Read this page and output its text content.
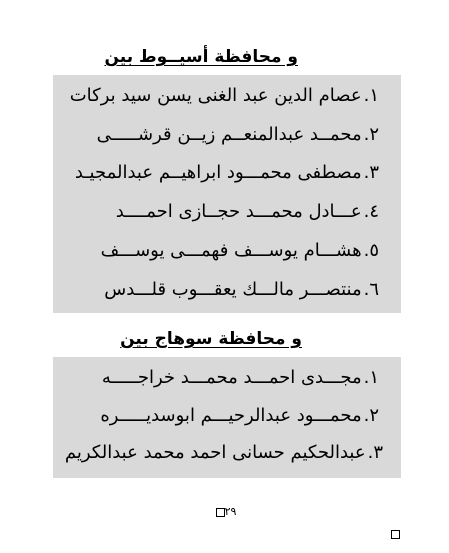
و محافظة أسيــوط بين
١.عصام الدين عبد الغنى يسن سيد بركات
٢.محمــد عبدالمنعــم زيــن قرشـــــى
٣.مصطفى محمـــود ابراهيــم عبدالمجيـد
٤.عـــادل محمـــد حجــازى احمــــد
٥.هشـــام يوســـف فهمـــى يوســـف
٦.منتصـــر مالـــك يعقـــوب قلـــدس
و محافظة سوهاج بين
١.مجـــدى احمـــد محمـــد خراجـــــه
٢.محمـــود عبدالرحيـــم ابوسديـــــره
٣.عبدالحكيم حسانى احمد محمد عبدالكريم
٢٩
